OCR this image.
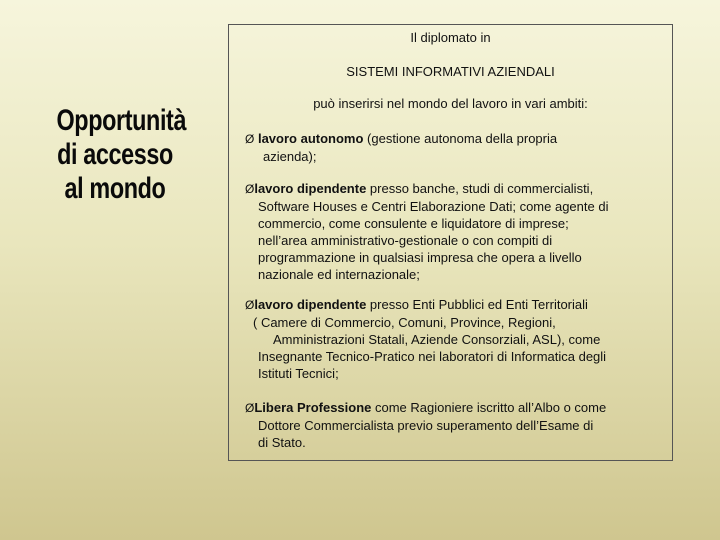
Opportunità
di accesso
al mondo
Il diplomato in
SISTEMI INFORMATIVI AZIENDALI
può inserirsi nel mondo del lavoro in vari ambiti:
Ø lavoro autonomo (gestione autonoma della propria
azienda);
Ølavoro dipendente presso banche, studi di commercialisti,
Software Houses e Centri Elaborazione Dati; come agente di
commercio, come consulente e liquidatore di imprese;
nell’area amministrativo-gestionale o con compiti di
programmazione in qualsiasi impresa che opera a livello
nazionale ed internazionale;
Ølavoro dipendente presso Enti Pubblici ed Enti Territoriali
( Camere di Commercio, Comuni, Province, Regioni,
Amministrazioni Statali, Aziende Consorziali, ASL), come
Insegnante Tecnico-Pratico nei laboratori di Informatica degli
Istituti Tecnici;
ØLibera Professione come Ragioniere iscritto all’Albo o come
Dottore Commercialista previo superamento dell’Esame di
di Stato.
